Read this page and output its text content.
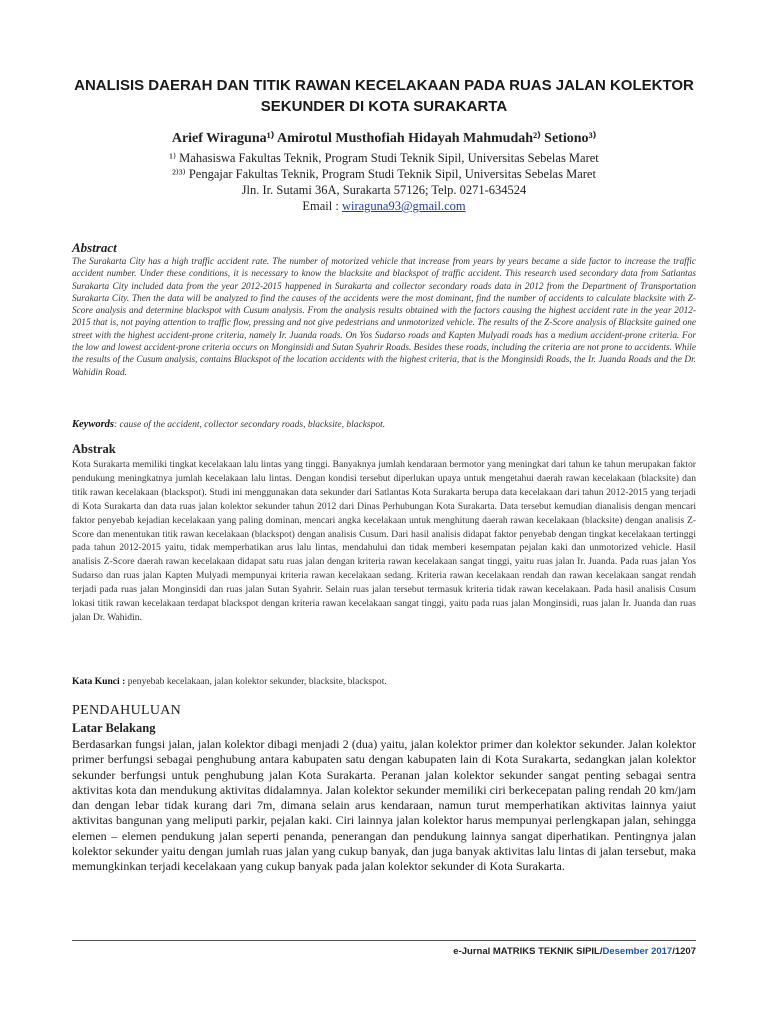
ANALISIS DAERAH DAN TITIK RAWAN KECELAKAAN PADA RUAS JALAN KOLEKTOR SEKUNDER DI KOTA SURAKARTA
Arief Wiraguna¹⁾ Amirotul Musthofiah Hidayah Mahmudah²⁾ Setiono³⁾
¹⁾ Mahasiswa Fakultas Teknik, Program Studi Teknik Sipil, Universitas Sebelas Maret
²⁾³⁾ Pengajar Fakultas Teknik, Program Studi Teknik Sipil, Universitas Sebelas Maret
Jln. Ir. Sutami 36A, Surakarta 57126; Telp. 0271-634524
Email : wiraguna93@gmail.com
Abstract
The Surakarta City has a high traffic accident rate. The number of motorized vehicle that increase from years by years became a side factor to increase the traffic accident number. Under these conditions, it is necessary to know the blacksite and blackspot of traffic accident. This research used secondary data from Satlantas Surakarta City included data from the year 2012-2015 happened in Surakarta and collector secondary roads data in 2012 from the Department of Transportation Surakarta City. Then the data will be analyzed to find the causes of the accidents were the most dominant, find the number of accidents to calculate blacksite with Z-Score analysis and determine blackspot with Cusum analysis. From the analysis results obtained with the factors causing the highest accident rate in the year 2012-2015 that is, not paying attention to traffic flow, pressing and not give pedestrians and unmotorized vehicle. The results of the Z-Score analysis of Blacksite gained one street with the highest accident-prone criteria, namely Ir. Juanda roads. On Yos Sudarso roads and Kapten Mulyadi roads has a medium accident-prone criteria. For the low and lowest accident-prone criteria occurs on Monginsidi and Sutan Syahrir Roads. Besides these roads, including the criteria are not prone to accidents. While the results of the Cusum analysis, contains Blackspot of the location accidents with the highest criteria, that is the Monginsidi Roads, the Ir. Juanda Roads and the Dr. Wahidin Road.
Keywords: cause of the accident, collector secondary roads, blacksite, blackspot.
Abstrak
Kota Surakarta memiliki tingkat kecelakaan lalu lintas yang tinggi. Banyaknya jumlah kendaraan bermotor yang meningkat dari tahun ke tahun merupakan faktor pendukung meningkatnya jumlah kecelakaan lalu lintas. Dengan kondisi tersebut diperlukan upaya untuk mengetahui daerah rawan kecelakaan (blacksite) dan titik rawan kecelakaan (blackspot). Studi ini menggunakan data sekunder dari Satlantas Kota Surakarta berupa data kecelakaan dari tahun 2012-2015 yang terjadi di Kota Surakarta dan data ruas jalan kolektor sekunder tahun 2012 dari Dinas Perhubungan Kota Surakarta. Data tersebut kemudian dianalisis dengan mencari faktor penyebab kejadian kecelakaan yang paling dominan, mencari angka kecelakaan untuk menghitung daerah rawan kecelakaan (blacksite) dengan analisis Z-Score dan menentukan titik rawan kecelakaan (blackspot) dengan analisis Cusum. Dari hasil analisis didapat faktor penyebab dengan tingkat kecelakaan tertinggi pada tahun 2012-2015 yaitu, tidak memperhatikan arus lalu lintas, mendahului dan tidak memberi kesempatan pejalan kaki dan unmotorized vehicle. Hasil analisis Z-Score daerah rawan kecelakaan didapat satu ruas jalan dengan kriteria rawan kecelakaan sangat tinggi, yaitu ruas jalan Ir. Juanda. Pada ruas jalan Yos Sudarso dan ruas jalan Kapten Mulyadi mempunyai kriteria rawan kecelakaan sedang. Kriteria rawan kecelakaan rendah dan rawan kecelakaan sangat rendah terjadi pada ruas jalan Monginsidi dan ruas jalan Sutan Syahrir. Selain ruas jalan tersebut termasuk kriteria tidak rawan kecelakaan. Pada hasil analisis Cusum lokasi titik rawan kecelakaan terdapat blackspot dengan kriteria rawan kecelakaan sangat tinggi, yaitu pada ruas jalan Monginsidi, ruas jalan Ir. Juanda dan ruas jalan Dr. Wahidin.
Kata Kunci : penyebab kecelakaan, jalan kolektor sekunder, blacksite, blackspot.
PENDAHULUAN
Latar Belakang
Berdasarkan fungsi jalan, jalan kolektor dibagi menjadi 2 (dua) yaitu, jalan kolektor primer dan kolektor sekunder. Jalan kolektor primer berfungsi sebagai penghubung antara kabupaten satu dengan kabupaten lain di Kota Surakarta, sedangkan jalan kolektor sekunder berfungsi untuk penghubung jalan Kota Surakarta. Peranan jalan kolektor sekunder sangat penting sebagai sentra aktivitas kota dan mendukung aktivitas didalamnya. Jalan kolektor sekunder memiliki ciri berkecepatan paling rendah 20 km/jam dan dengan lebar tidak kurang dari 7m, dimana selain arus kendaraan, namun turut memperhatikan aktivitas lainnya yaiut aktivitas bangunan yang meliputi parkir, pejalan kaki. Ciri lainnya jalan kolektor harus mempunyai perlengkapan jalan, sehingga elemen – elemen pendukung jalan seperti penanda, penerangan dan pendukung lainnya sangat diperhatikan. Pentingnya jalan kolektor sekunder yaitu dengan jumlah ruas jalan yang cukup banyak, dan juga banyak aktivitas lalu lintas di jalan tersebut, maka memungkinkan terjadi kecelakaan yang cukup banyak pada jalan kolektor sekunder di Kota Surakarta.
e-Jurnal MATRIKS TEKNIK SIPIL/Desember 2017/1207
